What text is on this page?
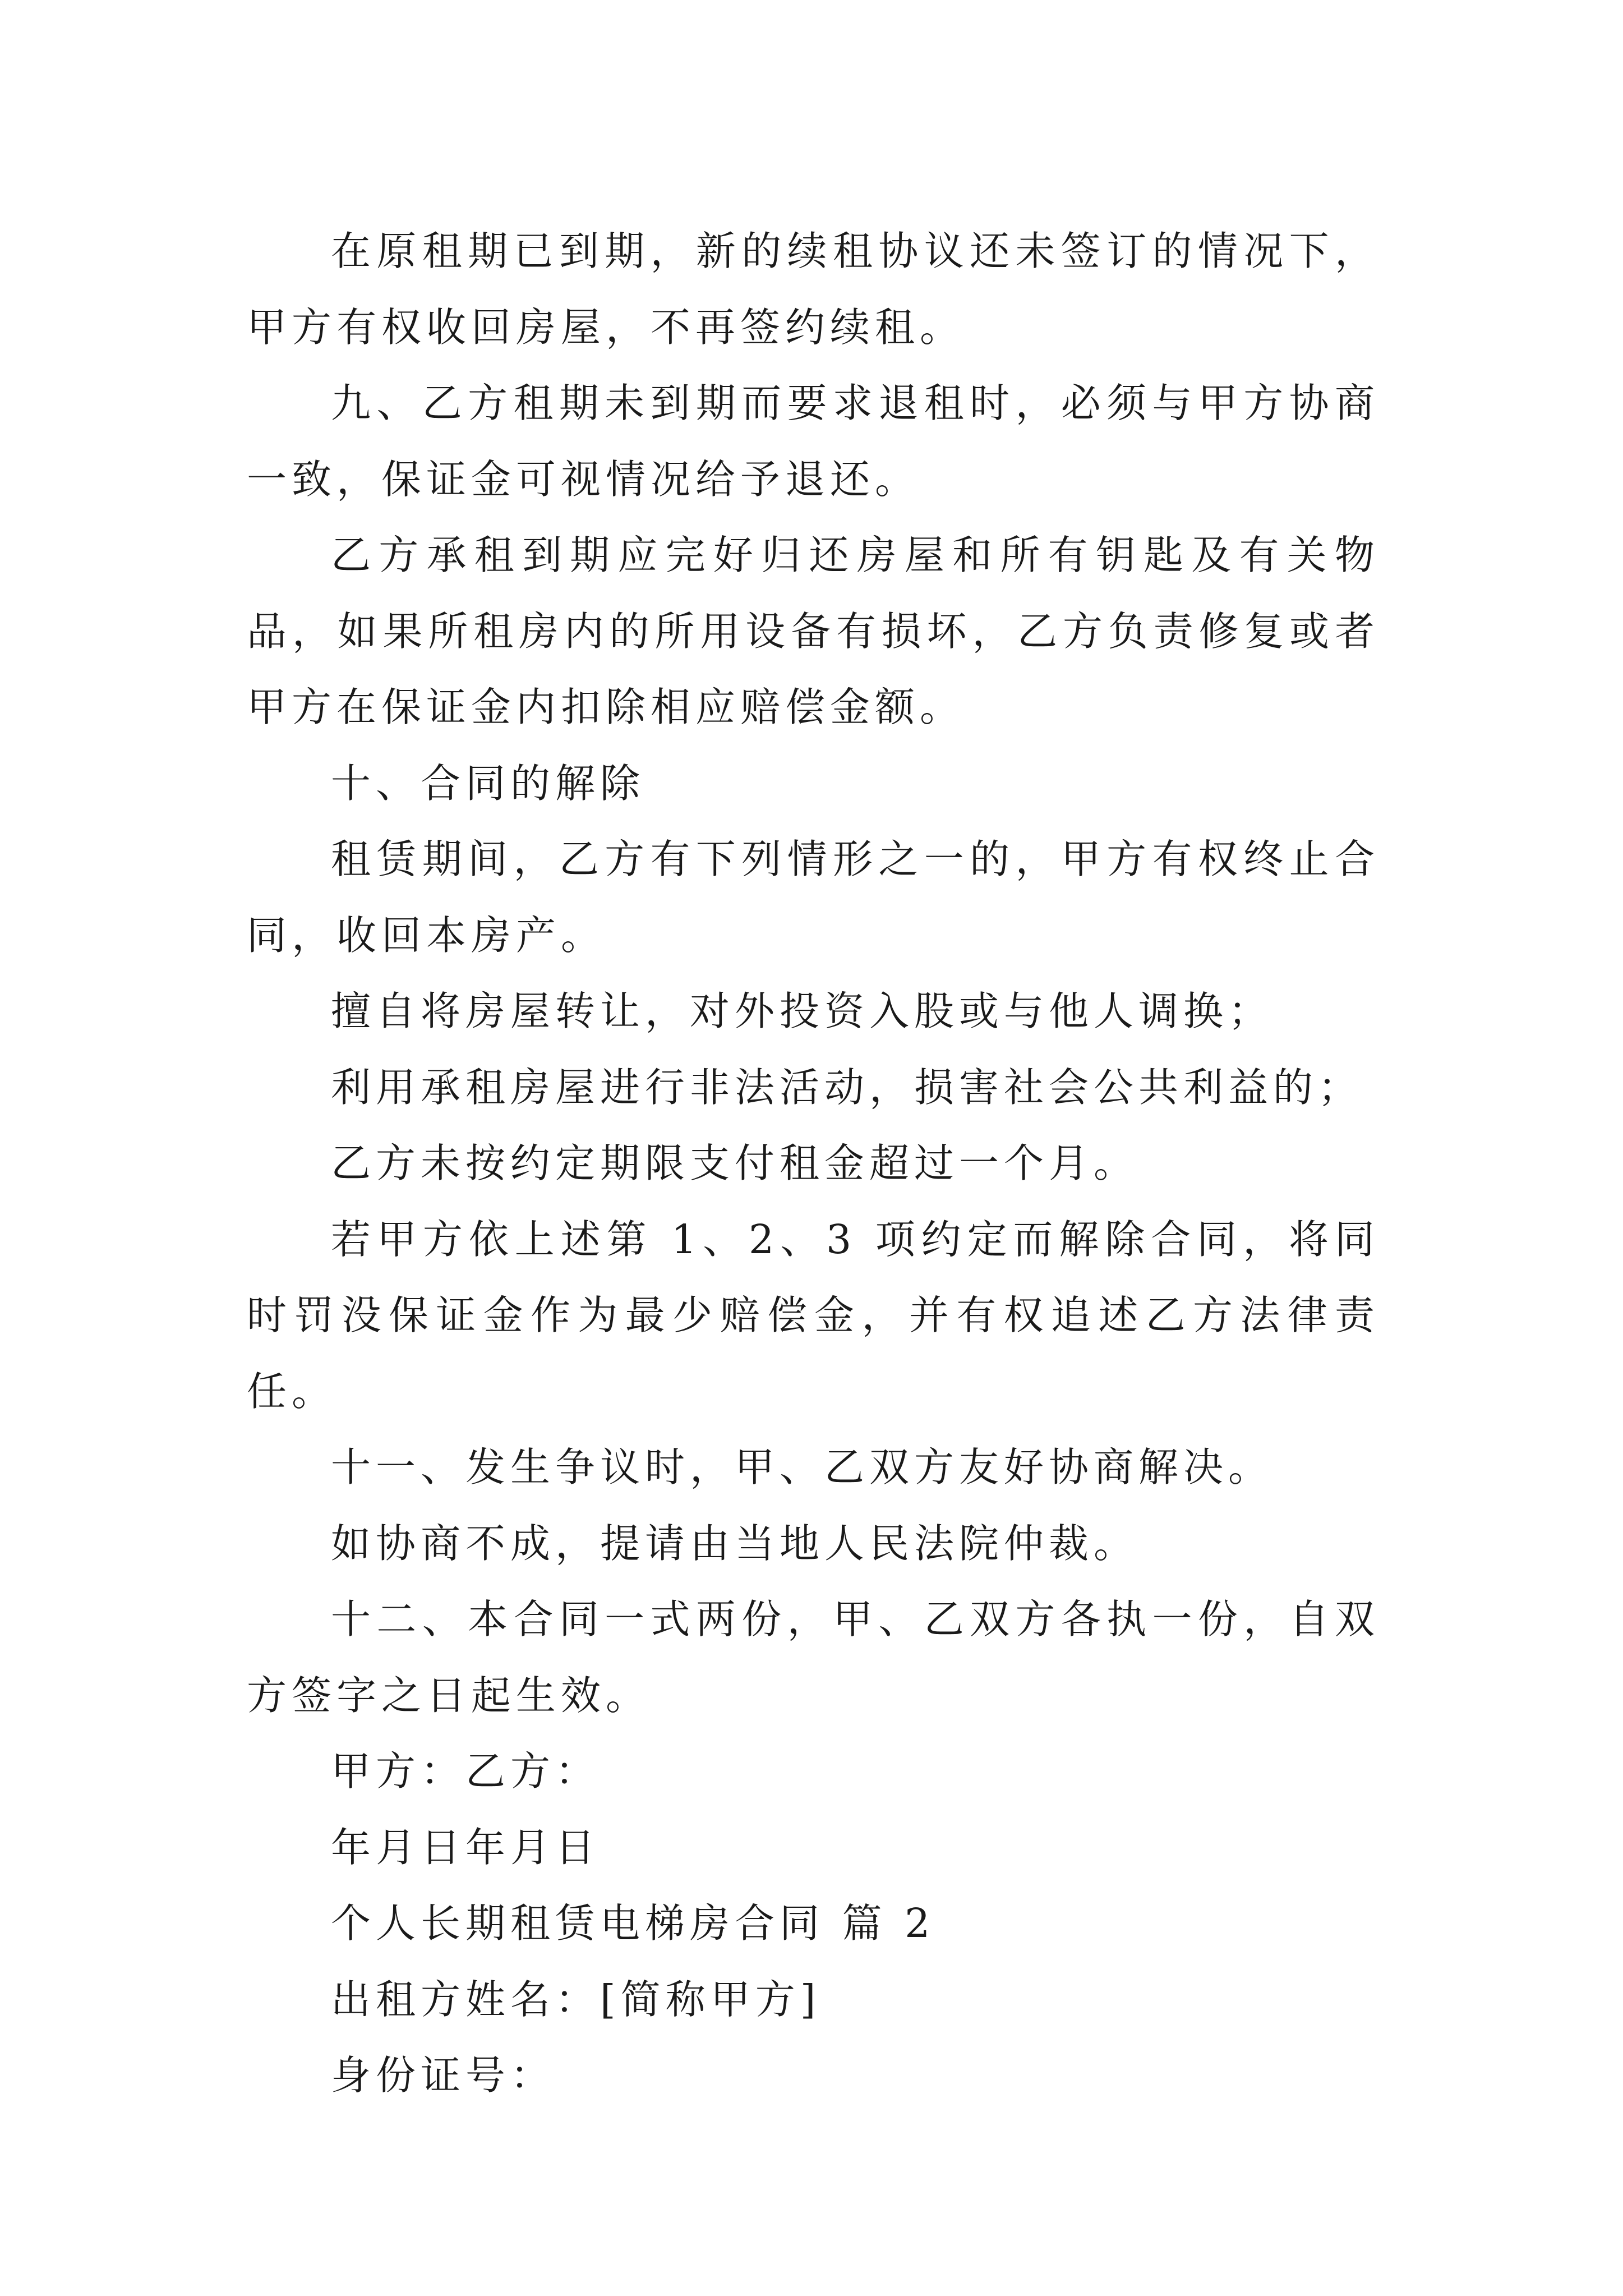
在原租期已到期，新的续租协议还未签订的情况下，甲方有权收回房屋，不再签约续租。

九、乙方租期未到期而要求退租时，必须与甲方协商一致，保证金可视情况给予退还。

乙方承租到期应完好归还房屋和所有钥匙及有关物品，如果所租房内的所用设备有损坏，乙方负责修复或者甲方在保证金内扣除相应赔偿金额。

十、合同的解除

租赁期间，乙方有下列情形之一的，甲方有权终止合同，收回本房产。

擅自将房屋转让，对外投资入股或与他人调换；

利用承租房屋进行非法活动，损害社会公共利益的；

乙方未按约定期限支付租金超过一个月。

若甲方依上述第 1、2、3 项约定而解除合同，将同时罚没保证金作为最少赔偿金，并有权追述乙方法律责任。

十一、发生争议时，甲、乙双方友好协商解决。

如协商不成，提请由当地人民法院仲裁。

十二、本合同一式两份，甲、乙双方各执一份，自双方签字之日起生效。

甲方：乙方：

年月日年月日

个人长期租赁电梯房合同 篇 2

出租方姓名：[简称甲方]

身份证号：
